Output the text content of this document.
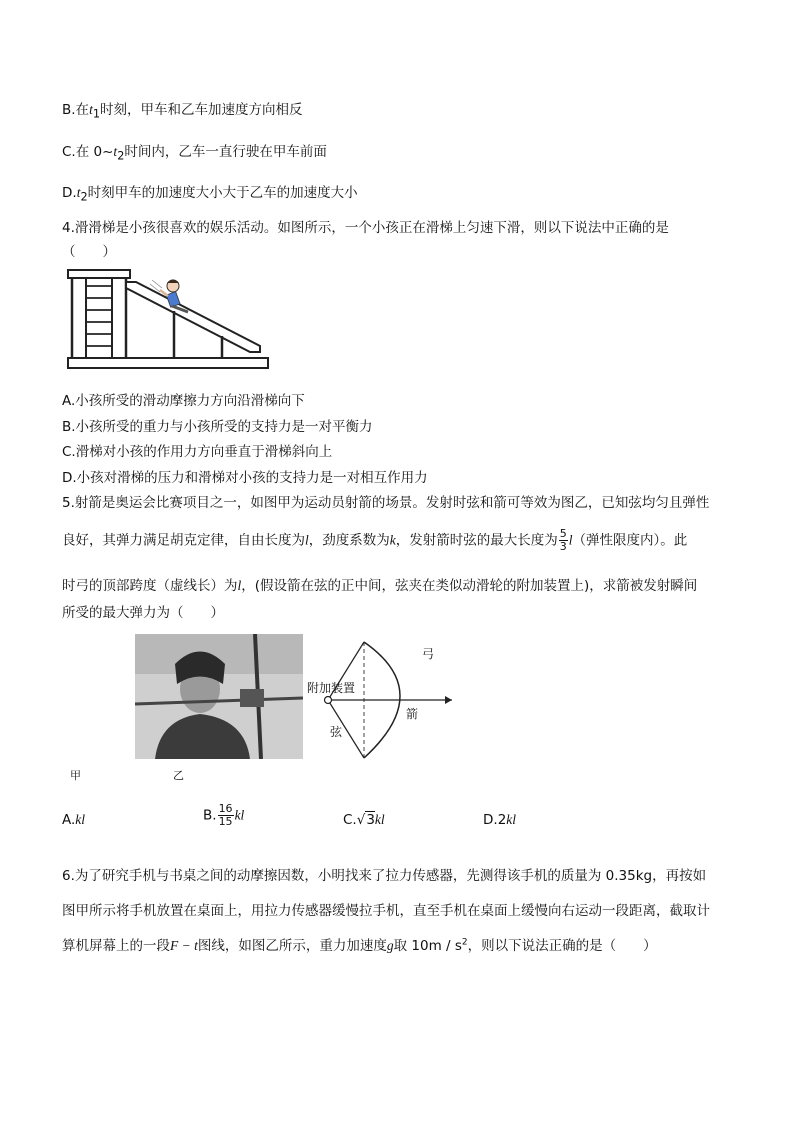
B.在$t_1$时刻，甲车和乙车加速度方向相反
C.在 $0\sim t_2$时间内，乙车一直行驶在甲车前面
$D.t_2$时刻甲车的加速度大小大于乙车的加速度大小
4.滑滑梯是小孩很喜欢的娱乐活动。如图所示，一个小孩正在滑梯上匀速下滑，则以下说法中正确的是
（　　）
A.小孩所受的滑动摩擦力方向沿滑梯向下
B.小孩所受的重力与小孩所受的支持力是一对平衡力
C.滑梯对小孩的作用力方向垂直于滑梯斜向上
D.小孩对滑梯的压力和滑梯对小孩的支持力是一对相互作用力
5.射箭是奥运会比赛项目之一，如图甲为运动员射箭的场景。发射时弦和箭可等效为图乙，已知弦均匀且弹性
良好，其弹力满足胡克定律，自由长度为l，劲度系数为k，发射箭时弦的最大长度为 $\frac{5}{3} l$（弹性限度内）。此
时弓的顶部跨度（虚线长）为l，(假设箭在弦的正中间，弦夹在类似动滑轮的附加装置上)，求箭被发射瞬间
所受的最大弹力为（　　）
附加装置
弓
箭
弦
甲	乙
A.kl	B. $\frac{16}{15}$ kl	C.√3kl	D.2kl
6.为了研究手机与书桌之间的动摩擦因数，小明找来了拉力传感器，先测得该手机的质量为 0.35kg，再按如
图甲所示将手机放置在桌面上，用拉力传感器缓慢拉手机，直至手机在桌面上缓慢向右运动一段距离，截取计
算机屏幕上的一段F − t图线，如图乙所示，重力加速度g取 $10m / s^2$，则以下说法正确的是（　　）
